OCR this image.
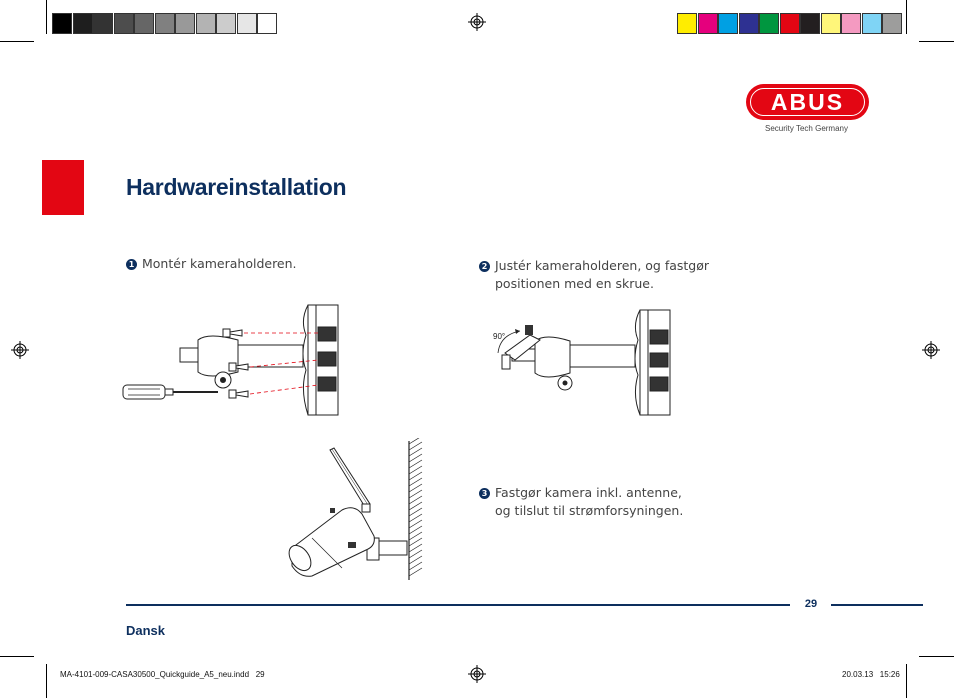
ABUS
Security Tech Germany
Hardwareinstallation
1 Montér kameraholderen.	2 Justér kameraholderen, og fastgør
positionen med en skrue.
3 Fastgør kamera inkl. antenne,
og tilslut til strømforsyningen.
90°
29
Dansk
MA-4101-009-CASA30500_Quickguide_A5_neu.indd   29	20.03.13   15:26
